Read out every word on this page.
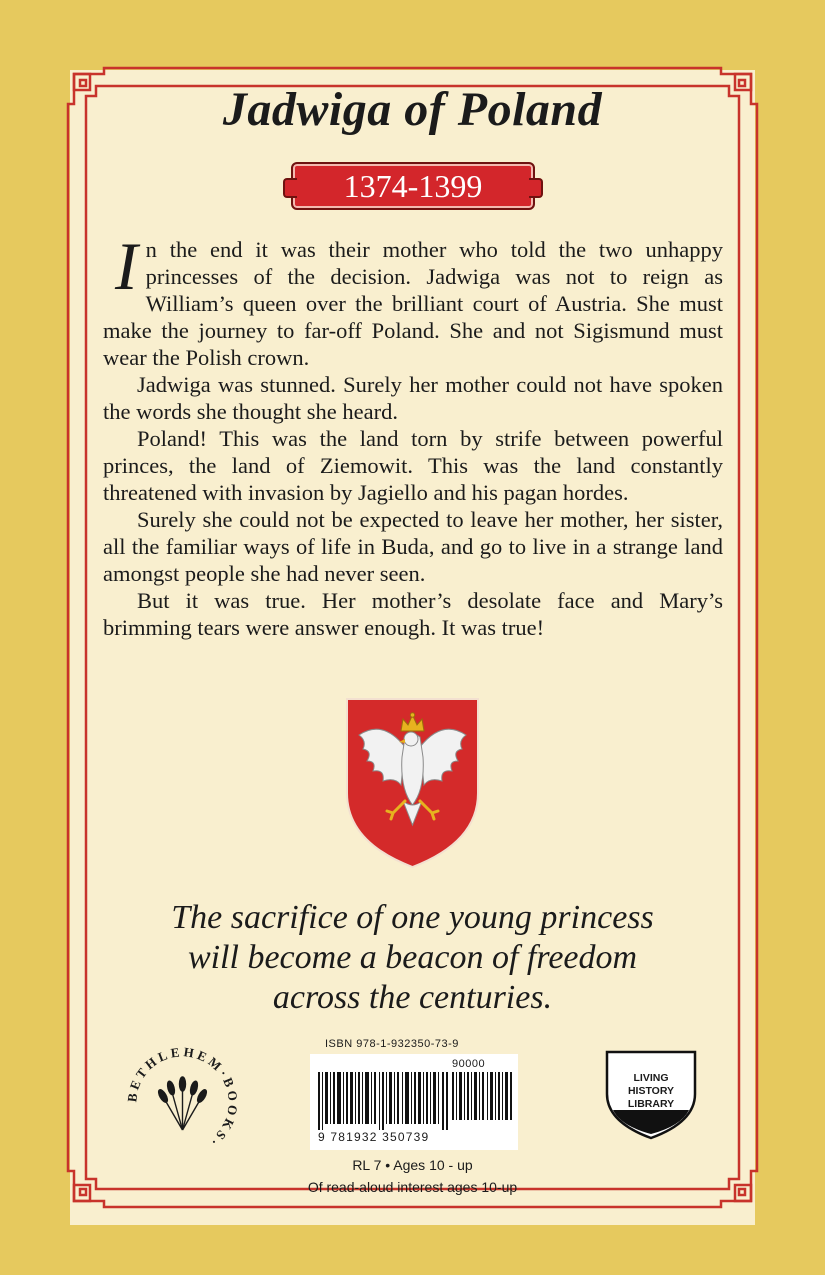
Jadwiga of Poland
1374-1399

In the end it was their mother who told the two unhappy princesses of the decision. Jadwiga was not to reign as William’s queen over the brilliant court of Austria. She must make the journey to far-off Poland. She and not Sigismund must wear the Polish crown.

Jadwiga was stunned. Surely her mother could not have spoken the words she thought she heard.

Poland! This was the land torn by strife between powerful princes, the land of Ziemowit. This was the land constantly threatened with invasion by Jagiello and his pagan hordes.

Surely she could not be expected to leave her mother, her sister, all the familiar ways of life in Buda, and go to live in a strange land amongst people she had never seen.

But it was true. Her mother’s desolate face and Mary’s brimming tears were answer enough. It was true!

The sacrifice of one young princess
will become a beacon of freedom
across the centuries.
BETHLEHEM·BOOKS·
ISBN 978-1-932350-73-9
9 781932 350739
90000
RL 7 • Ages 10 - up
Of read-aloud interest ages 10-up
LIVING
HISTORY
LIBRARY
